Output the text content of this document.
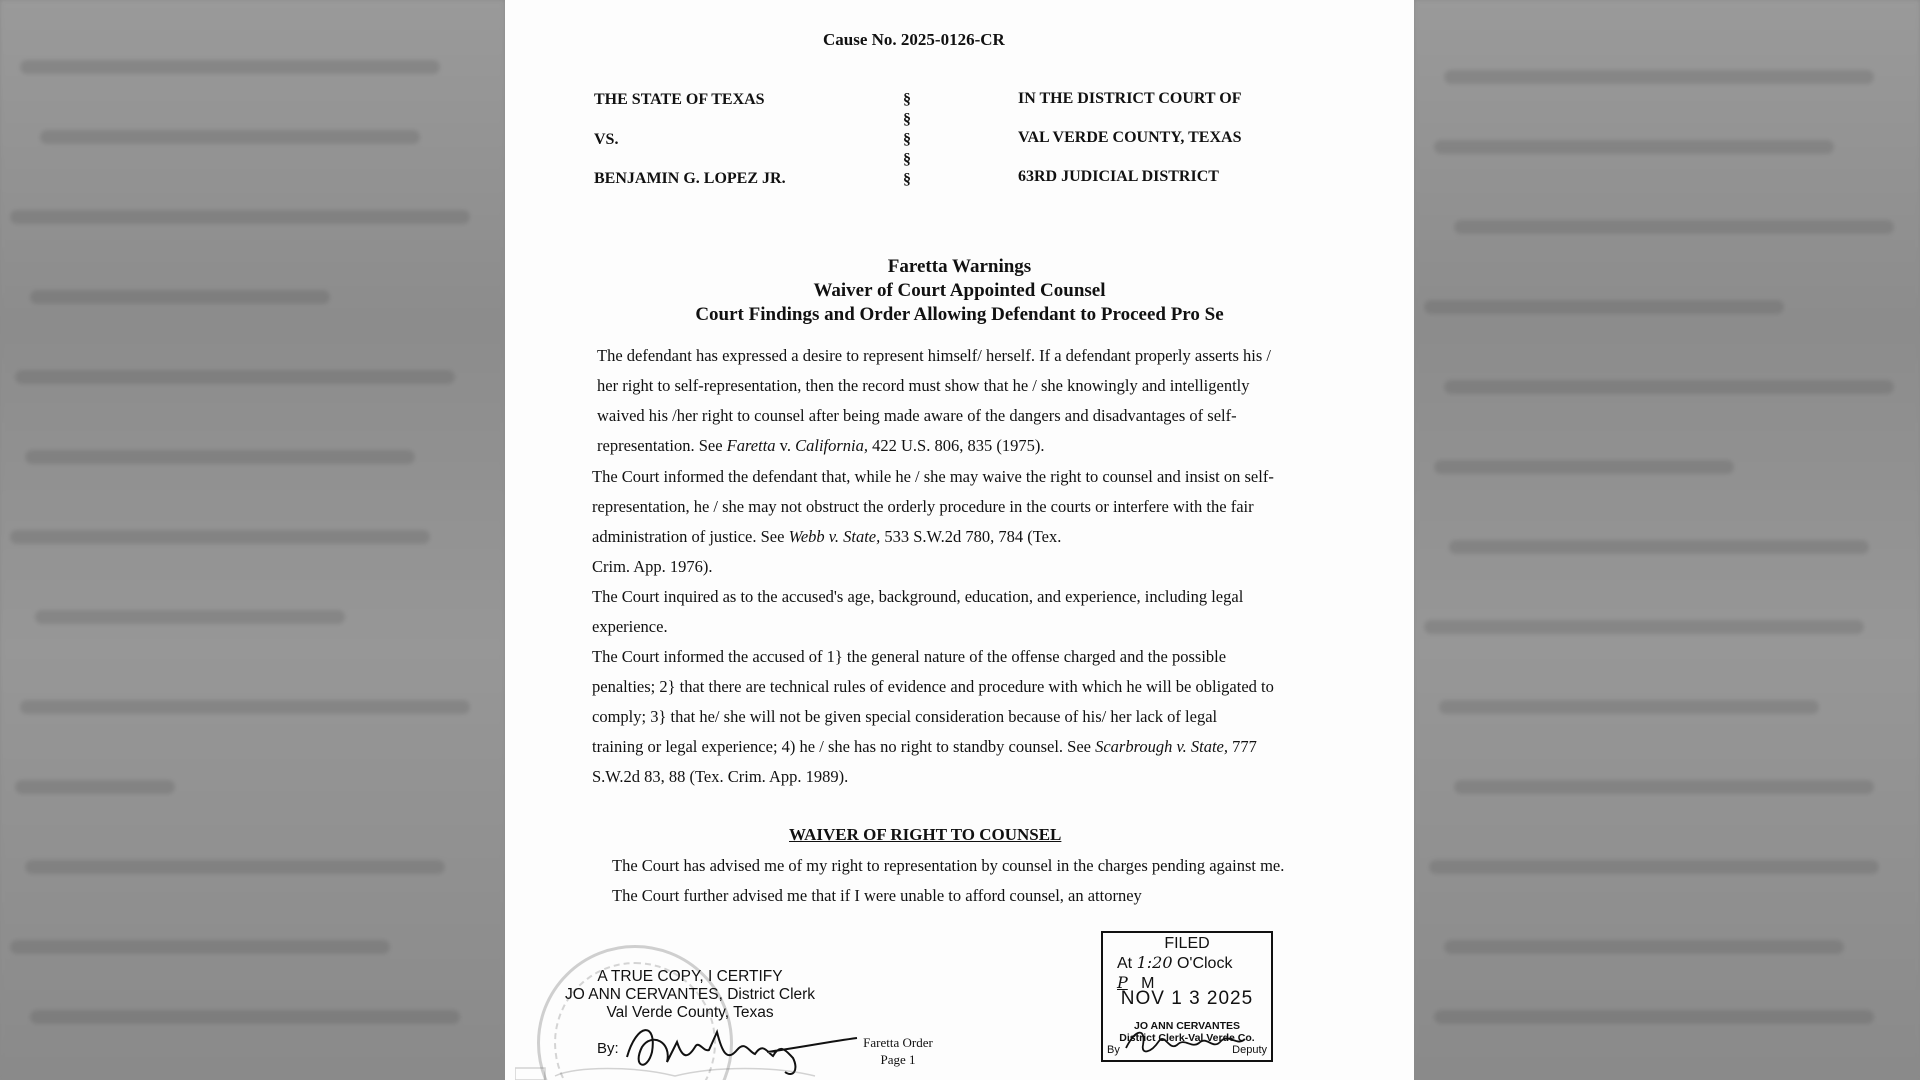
Cause No. 2025-0126-CR
THE STATE OF TEXAS
VS.
BENJAMIN G. LOPEZ JR.
§
§
§
§
§
IN THE DISTRICT COURT OF
VAL VERDE COUNTY, TEXAS
63RD JUDICIAL DISTRICT
Faretta Warnings
Waiver of Court Appointed Counsel
Court Findings and Order Allowing Defendant to Proceed Pro Se

The defendant has expressed a desire to represent himself/ herself. If a defendant properly asserts his /

her right to self-representation, then the record must show that he / she knowingly and intelligently

waived his /her right to counsel after being made aware of the dangers and disadvantages of self-

representation. See Faretta v. California, 422 U.S. 806, 835 (1975).

The Court informed the defendant that, while he / she may waive the right to counsel and insist on self-

representation, he / she may not obstruct the orderly procedure in the courts or interfere with the fair

administration of justice. See Webb v. State, 533 S.W.2d 780, 784 (Tex.

Crim. App. 1976).

The Court inquired as to the accused's age, background, education, and experience, including legal

experience.

The Court informed the accused of 1} the general nature of the offense charged and the possible

penalties; 2} that there are technical rules of evidence and procedure with which he will be obligated to

comply; 3} that he/ she will not be given special consideration because of his/ her lack of legal

training or legal experience; 4) he / she has no right to standby counsel. See Scarbrough v. State, 777

S.W.2d 83, 88 (Tex. Crim. App. 1989).

WAIVER OF RIGHT TO COUNSEL

The Court has advised me of my right to representation by counsel in the charges pending against me.

The Court further advised me that if I were unable to afford counsel, an attorney

A TRUE COPY, I CERTIFY
JO ANN CERVANTES, District Clerk
Val Verde County, Texas
By:	Faretta Order
Page 1
FILED
At 1:20 O'Clock P M
NOV 1 3 2025
JO ANN CERVANTES
District Clerk-Val Verde Co.
By	Deputy
